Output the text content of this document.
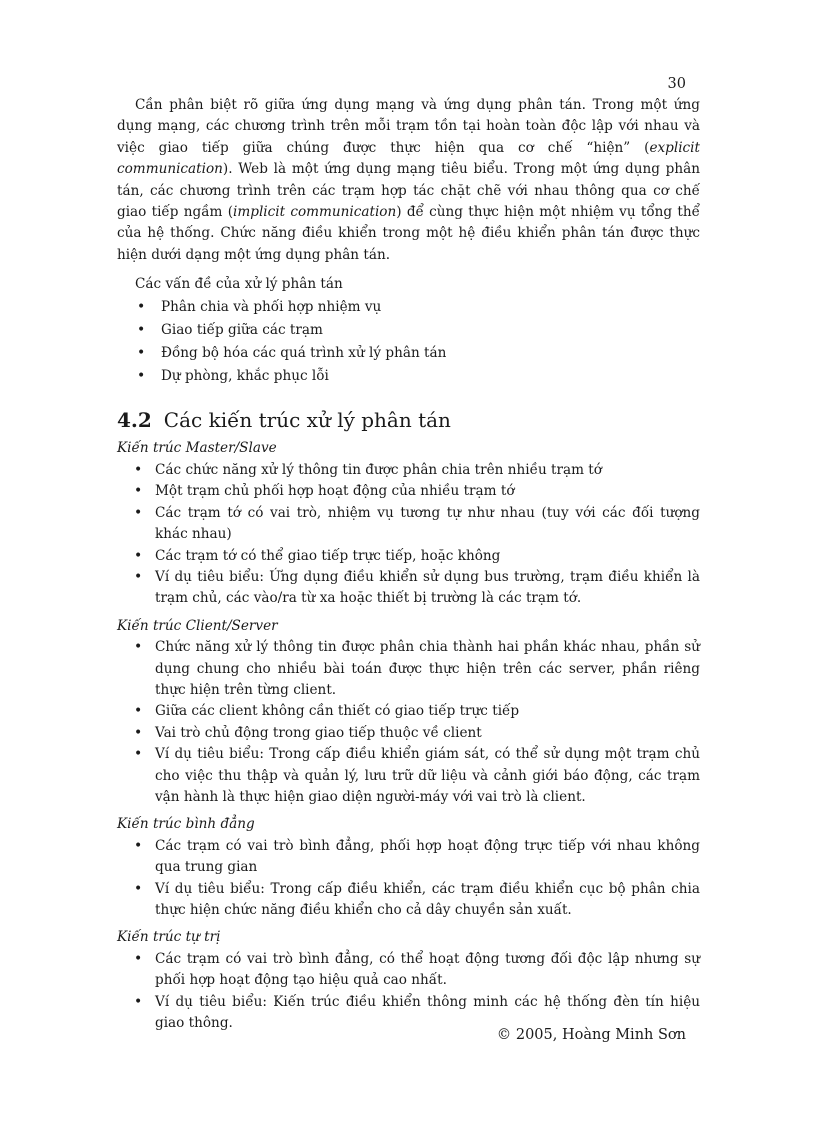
30

Cần phân biệt rõ giữa ứng dụng mạng và ứng dụng phân tán. Trong một ứng dụng mạng, các chương trình trên mỗi trạm tồn tại hoàn toàn độc lập với nhau và việc giao tiếp giữa chúng được thực hiện qua cơ chế “hiện” (explicit communication). Web là một ứng dụng mạng tiêu biểu. Trong một ứng dụng phân tán, các chương trình trên các trạm hợp tác chặt chẽ với nhau thông qua cơ chế giao tiếp ngầm (implicit communication) để cùng thực hiện một nhiệm vụ tổng thể của hệ thống. Chức năng điều khiển trong một hệ điều khiển phân tán được thực hiện dưới dạng một ứng dụng phân tán.

Các vấn đề của xử lý phân tán

• Phân chia và phối hợp nhiệm vụ
• Giao tiếp giữa các trạm
• Đồng bộ hóa các quá trình xử lý phân tán
• Dự phòng, khắc phục lỗi
4.2 Các kiến trúc xử lý phân tán

Kiến trúc Master/Slave

• Các chức năng xử lý thông tin được phân chia trên nhiều trạm tớ
• Một trạm chủ phối hợp hoạt động của nhiều trạm tớ
• Các trạm tớ có vai trò, nhiệm vụ tương tự như nhau (tuy với các đối tượng khác nhau)
• Các trạm tớ có thể giao tiếp trực tiếp, hoặc không
• Ví dụ tiêu biểu: Ứng dụng điều khiển sử dụng bus trường, trạm điều khiển là trạm chủ, các vào/ra từ xa hoặc thiết bị trường là các trạm tớ.

Kiến trúc Client/Server

• Chức năng xử lý thông tin được phân chia thành hai phần khác nhau, phần sử dụng chung cho nhiều bài toán được thực hiện trên các server, phần riêng thực hiện trên từng client.
• Giữa các client không cần thiết có giao tiếp trực tiếp
• Vai trò chủ động trong giao tiếp thuộc về client
• Ví dụ tiêu biểu: Trong cấp điều khiển giám sát, có thể sử dụng một trạm chủ cho việc thu thập và quản lý, lưu trữ dữ liệu và cảnh giới báo động, các trạm vận hành là thực hiện giao diện người-máy với vai trò là client.

Kiến trúc bình đẳng

• Các trạm có vai trò bình đẳng, phối hợp hoạt động trực tiếp với nhau không qua trung gian
• Ví dụ tiêu biểu: Trong cấp điều khiển, các trạm điều khiển cục bộ phân chia thực hiện chức năng điều khiển cho cả dây chuyền sản xuất.

Kiến trúc tự trị

• Các trạm có vai trò bình đẳng, có thể hoạt động tương đối độc lập nhưng sự phối hợp hoạt động tạo hiệu quả cao nhất.
• Ví dụ tiêu biểu: Kiến trúc điều khiển thông minh các hệ thống đèn tín hiệu giao thông.
© 2005, Hoàng Minh Sơn
